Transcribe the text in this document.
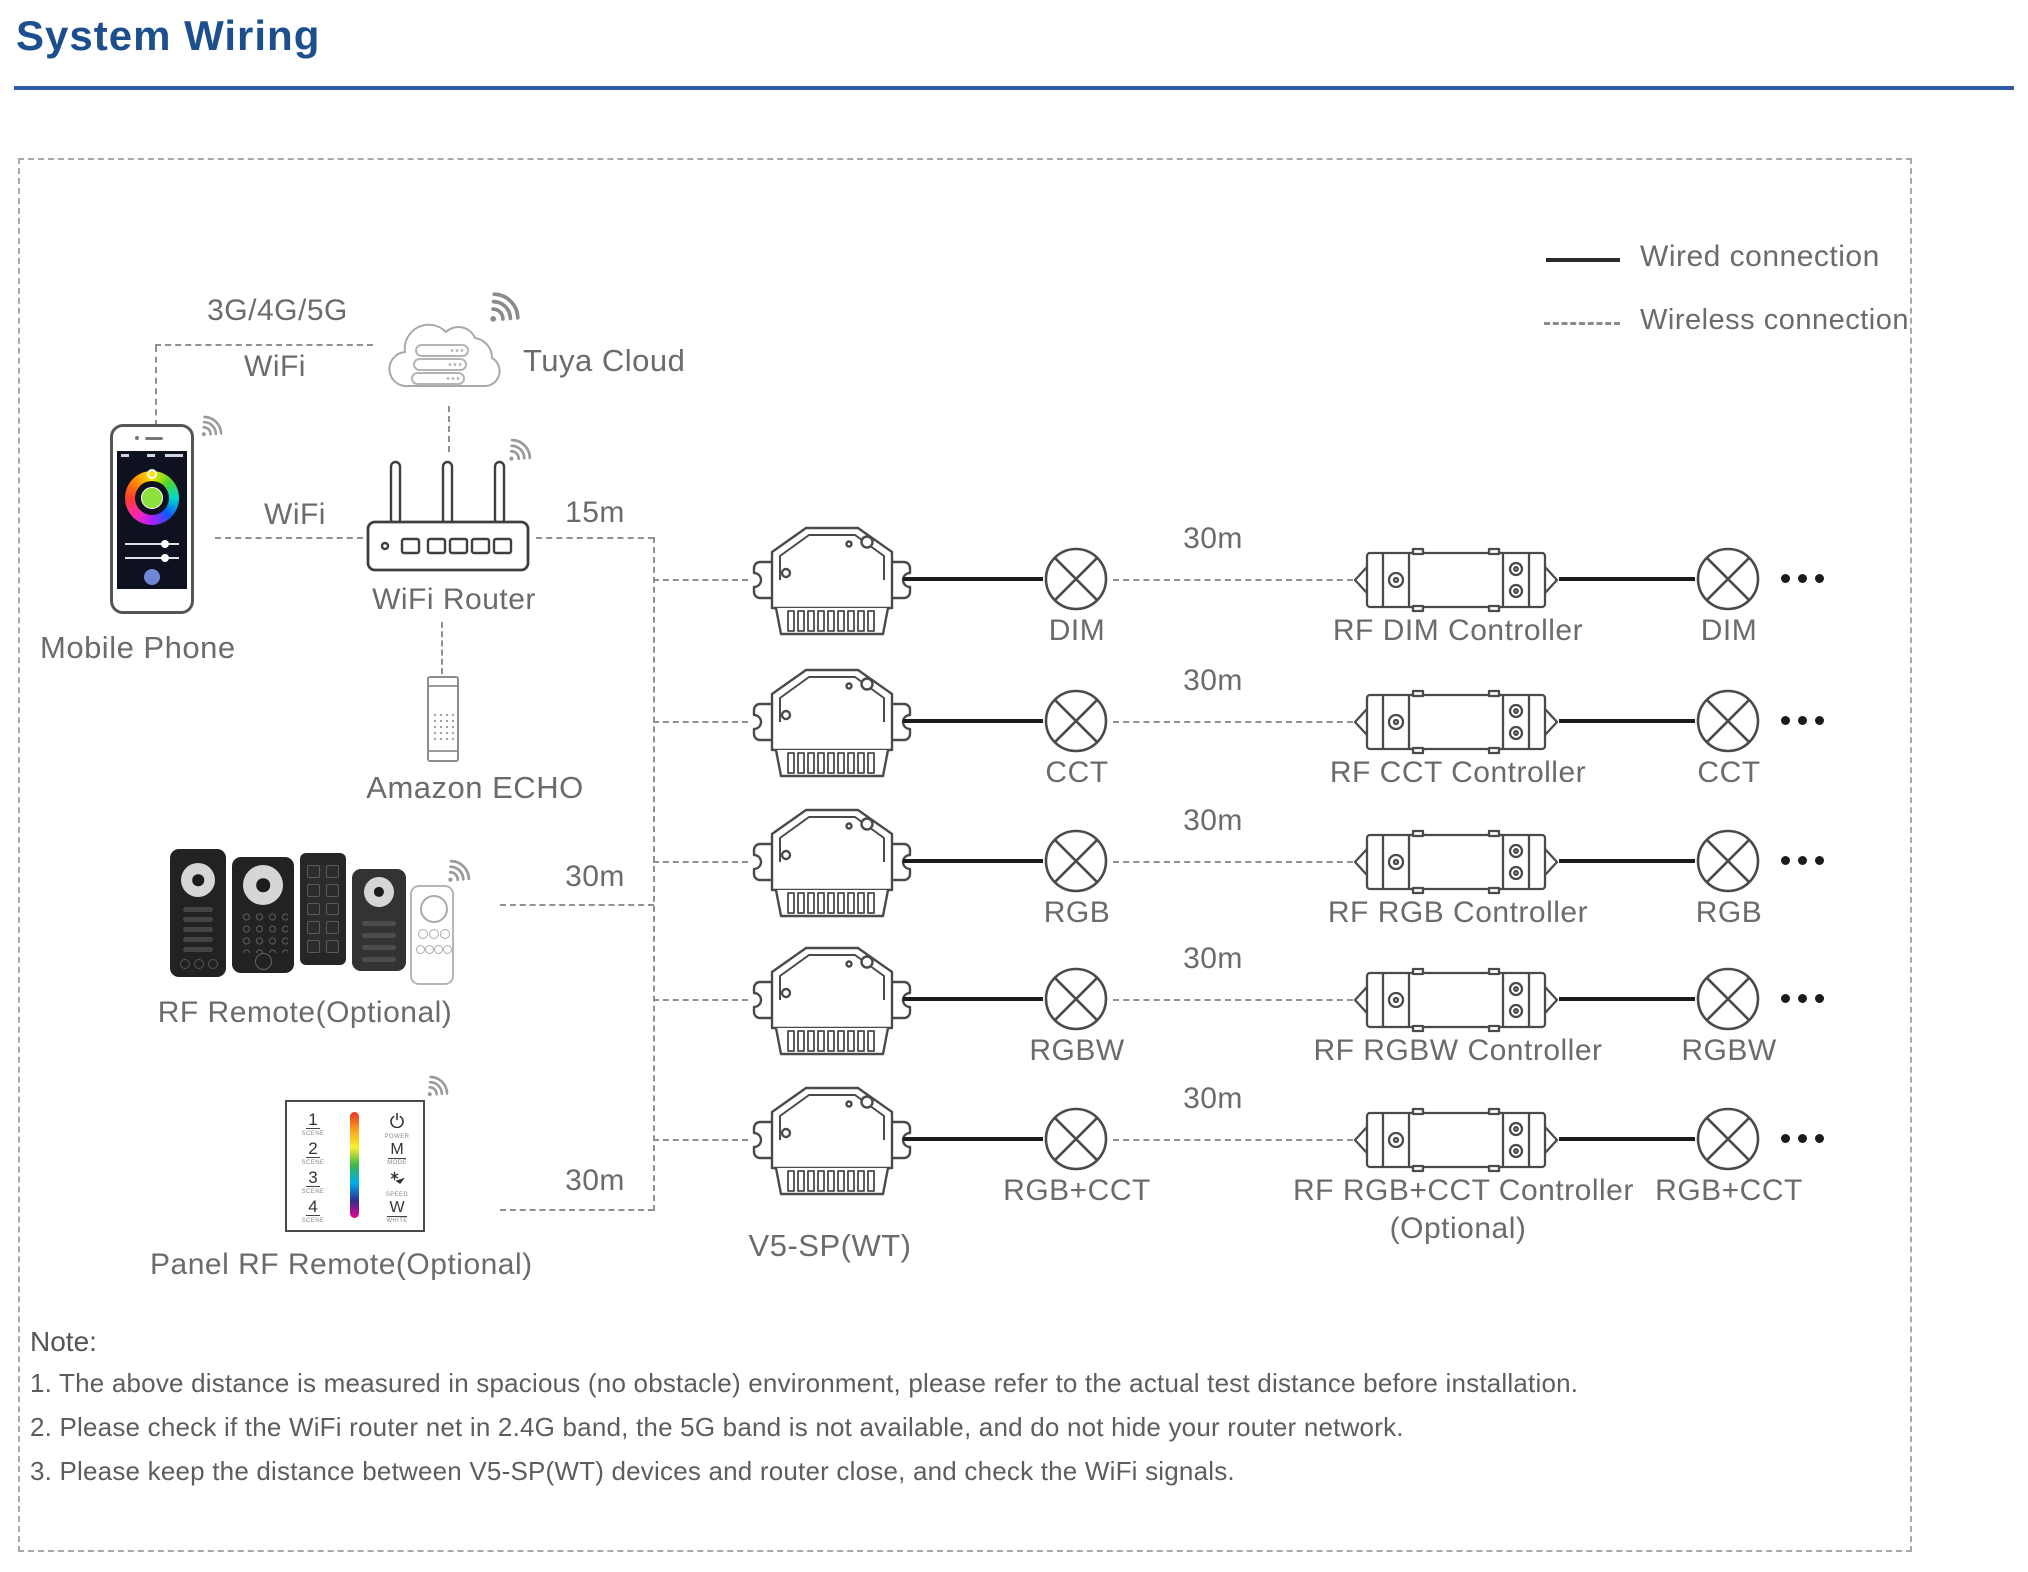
System Wiring
Wired connection
Wireless connection
3G/4G/5G
WiFi	Tuya Cloud
Mobile Phone
WiFi
WiFi Router
15m
Amazon ECHO
RF Remote(Optional)
30m
1
SCENE
2
SCENE
3
SCENE
4
SCENE
POWER
M
MODE
SPEED
W
WHITE
Panel RF Remote(Optional)
30m
DIM
30m
RF DIM Controller	DIM
CCT
30m
RF CCT Controller	CCT
RGB
30m
RF RGB Controller	RGB
RGBW
30m
RF RGBW Controller	RGBW
RGB+CCT
30m
RF RGB+CCT Controller
(Optional)
RGB+CCT
V5-SP(WT)
Note:
1. The above distance is measured in spacious (no obstacle) environment, please refer to the actual test distance before installation.
2. Please check if the WiFi router net in 2.4G band, the 5G band is not available, and do not hide your router network.
3. Please keep the distance between V5-SP(WT) devices and router close, and check the WiFi signals.
